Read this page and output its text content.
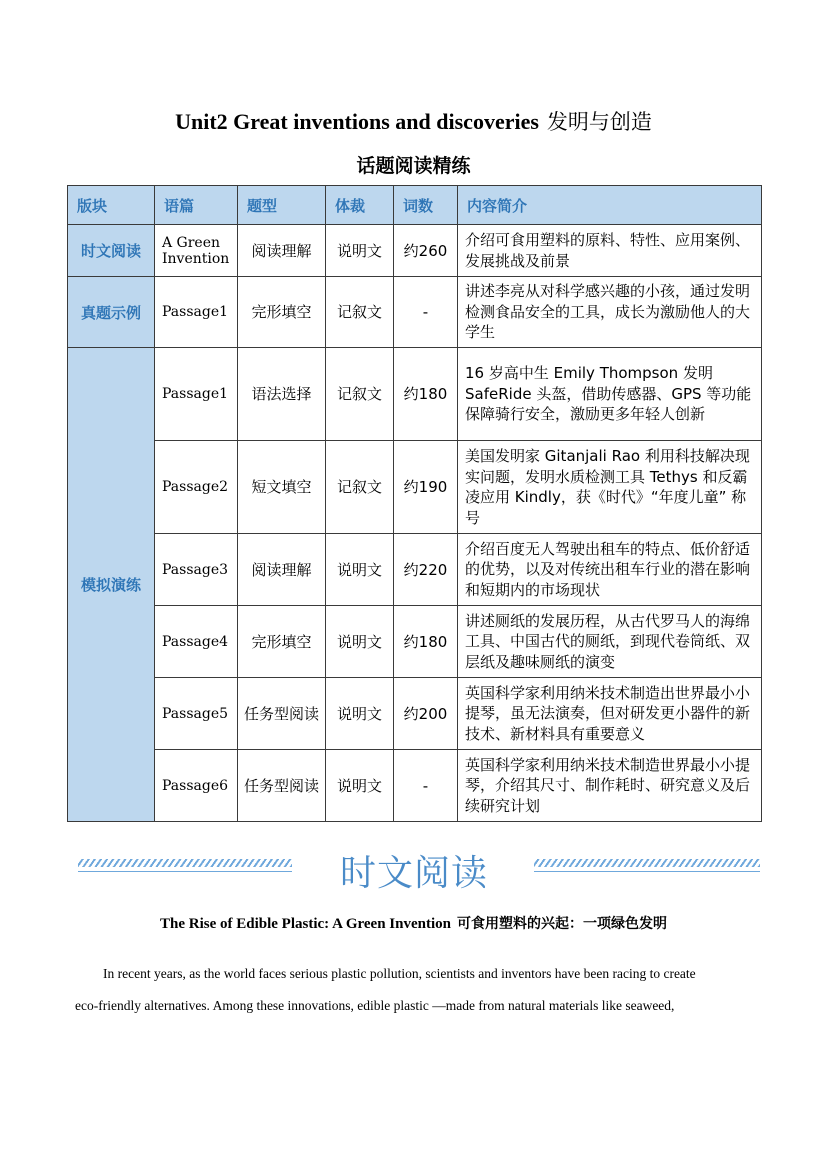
Unit2 Great inventions and discoveries 发明与创造
话题阅读精练
版块	语篇	题型	体裁	词数	内容简介
时文阅读	A Green Invention	阅读理解	说明文	约260	介绍可食用塑料的原料、特性、应用案例、发展挑战及前景
真题示例	Passage1	完形填空	记叙文	-	讲述李亮从对科学感兴趣的小孩，通过发明检测食品安全的工具，成长为激励他人的大学生
模拟演练	Passage1	语法选择	记叙文	约180	16 岁高中生 Emily Thompson 发明 SafeRide 头盔，借助传感器、GPS 等功能保障骑行安全，激励更多年轻人创新
	Passage2	短文填空	记叙文	约190	美国发明家 Gitanjali Rao 利用科技解决现实问题，发明水质检测工具 Tethys 和反霸凌应用 Kindly，获《时代》“年度儿童” 称号
	Passage3	阅读理解	说明文	约220	介绍百度无人驾驶出租车的特点、低价舒适的优势，以及对传统出租车行业的潜在影响和短期内的市场现状
	Passage4	完形填空	说明文	约180	讲述厕纸的发展历程，从古代罗马人的海绵工具、中国古代的厕纸，到现代卷筒纸、双层纸及趣味厕纸的演变
	Passage5	任务型阅读	说明文	约200	英国科学家利用纳米技术制造出世界最小小提琴，虽无法演奏，但对研发更小器件的新技术、新材料具有重要意义
	Passage6	任务型阅读	说明文	-	英国科学家利用纳米技术制造世界最小小提琴，介绍其尺寸、制作耗时、研究意义及后续研究计划
时文阅读
The Rise of Edible Plastic: A Green Invention 可食用塑料的兴起：一项绿色发明

In recent years, as the world faces serious plastic pollution, scientists and inventors have been racing to create

eco-friendly alternatives. Among these innovations, edible plastic —made from natural materials like seaweed,
